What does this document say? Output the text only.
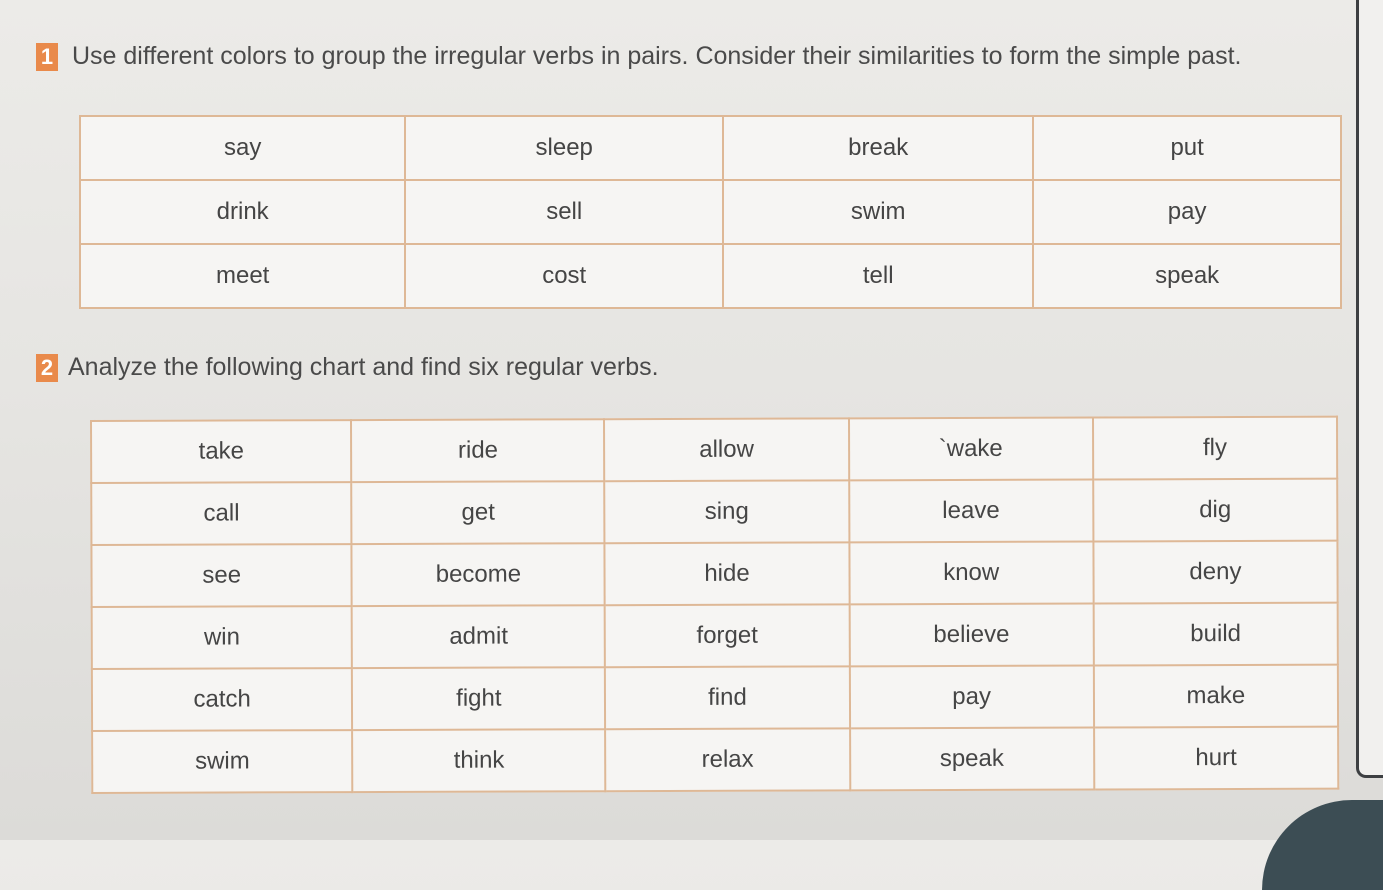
1 Use different colors to group the irregular verbs in pairs. Consider their similarities to form the simple past.
say	sleep	break	put
drink	sell	swim	pay
meet	cost	tell	speak
2 Analyze the following chart and find six regular verbs.
take	ride	allow	`wake	fly
call	get	sing	leave	dig
see	become	hide	know	deny
win	admit	forget	believe	build
catch	fight	find	pay	make
swim	think	relax	speak	hurt
